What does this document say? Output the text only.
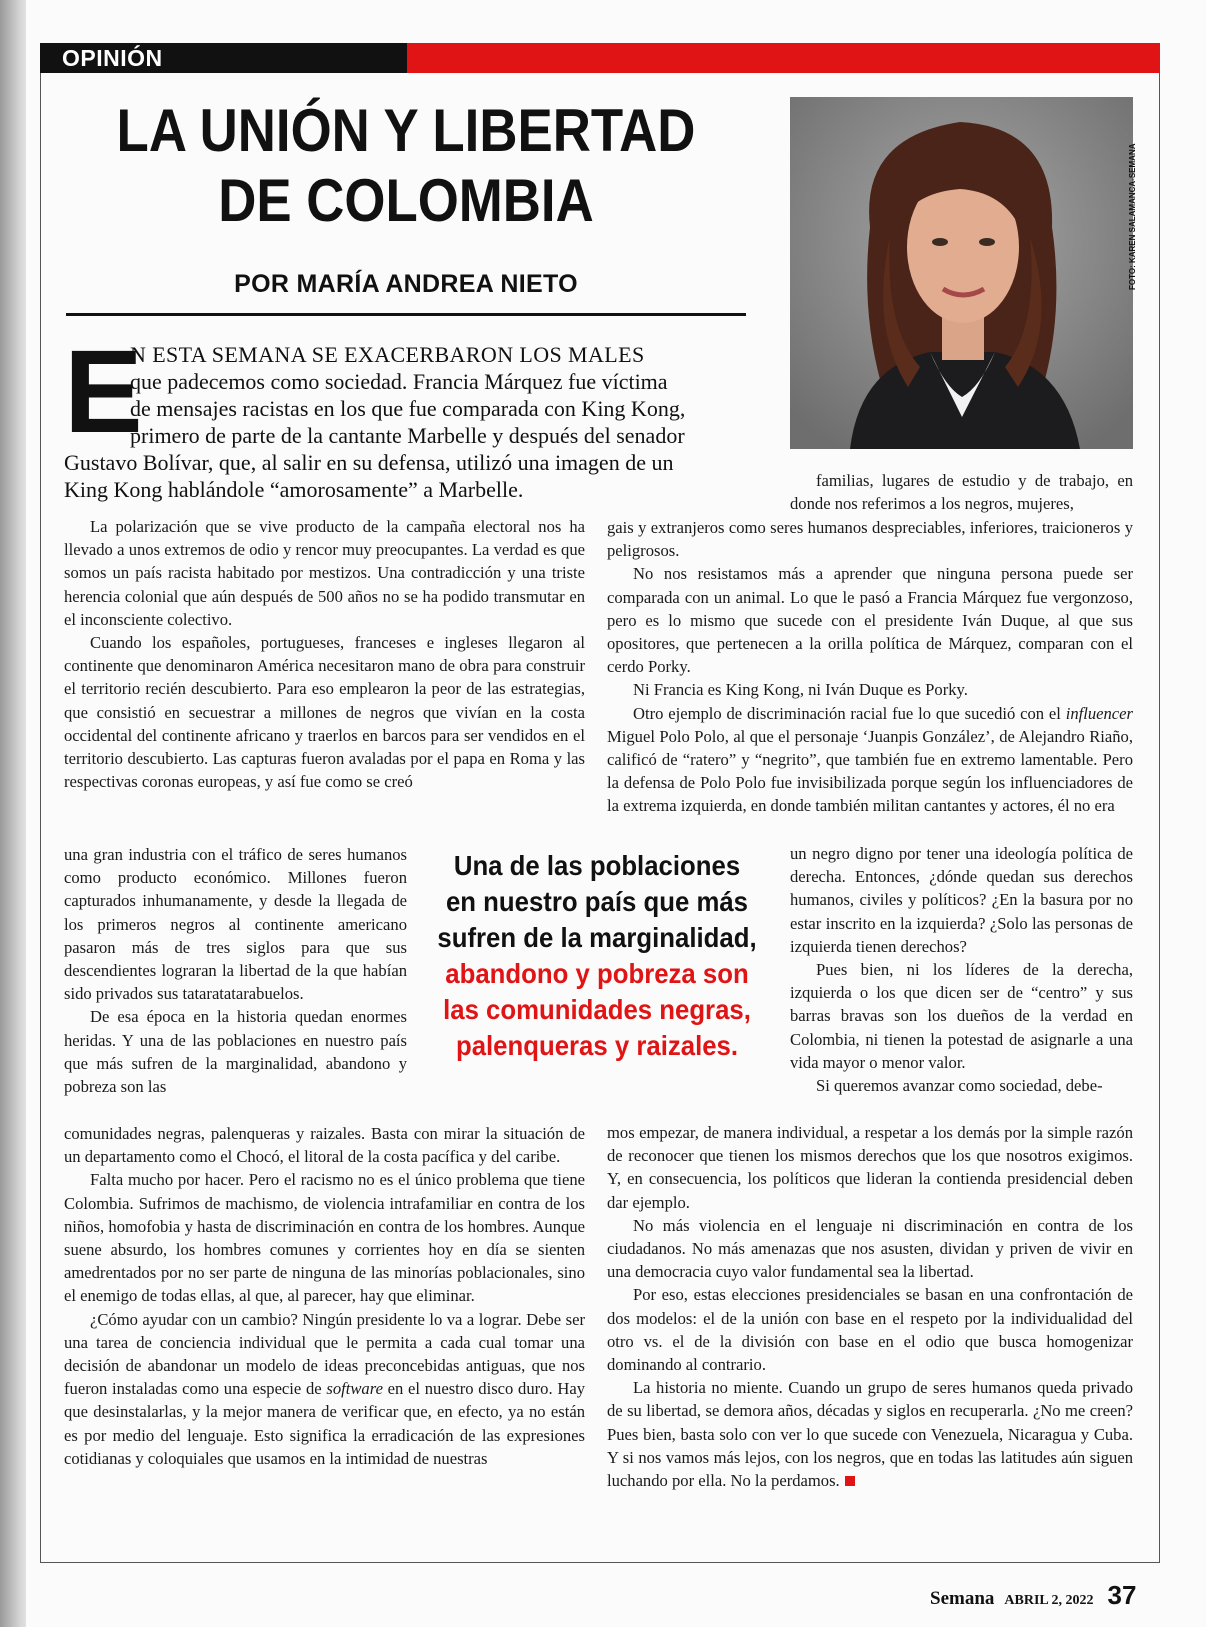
OPINIÓN
LA UNIÓN Y LIBERTAD
DE COLOMBIA
POR MARÍA ANDREA NIETO
E
N ESTA SEMANA SE EXACERBARON LOS MALES
que padecemos como sociedad. Francia Márquez fue víctima
de mensajes racistas en los que fue comparada con King Kong,
primero de parte de la cantante Marbelle y después del senador
Gustavo Bolívar, que, al salir en su defensa, utilizó una imagen de un
King Kong hablándole “amorosamente” a Marbelle.

La polarización que se vive producto de la campaña electoral nos ha llevado a unos extremos de odio y rencor muy preocupantes. La verdad es que somos un país racista habitado por mestizos. Una contradicción y una triste herencia colonial que aún después de 500 años no se ha podido transmutar en el inconsciente colectivo.

Cuando los españoles, portugueses, franceses e ingleses llegaron al continente que denominaron América necesitaron mano de obra para construir el territorio recién descubierto. Para eso emplearon la peor de las estrategias, que consistió en secuestrar a millones de negros que vivían en la costa occidental del continente africano y traerlos en barcos para ser vendidos en el territorio descubierto. Las capturas fueron avaladas por el papa en Roma y las respectivas coronas europeas, y así fue como se creó

una gran industria con el tráfico de seres humanos como producto económico. Millones fueron capturados inhumanamente, y desde la llegada de los primeros negros al continente americano pasaron más de tres siglos para que sus descendientes lograran la libertad de la que habían sido privados sus tataratatarabuelos.

De esa época en la historia quedan enormes heridas. Y una de las poblaciones en nuestro país que más sufren de la marginalidad, abandono y pobreza son las

comunidades negras, palenqueras y raizales. Basta con mirar la situación de un departamento como el Chocó, el litoral de la costa pacífica y del caribe.

Falta mucho por hacer. Pero el racismo no es el único problema que tiene Colombia. Sufrimos de machismo, de violencia intrafamiliar en contra de los niños, homofobia y hasta de discriminación en contra de los hombres. Aunque suene absurdo, los hombres comunes y corrientes hoy en día se sienten amedrentados por no ser parte de ninguna de las minorías poblacionales, sino el enemigo de todas ellas, al que, al parecer, hay que eliminar.

¿Cómo ayudar con un cambio? Ningún presidente lo va a lograr. Debe ser una tarea de conciencia individual que le permita a cada cual tomar una decisión de abandonar un modelo de ideas preconcebidas antiguas, que nos fueron instaladas como una especie de software en el nuestro disco duro. Hay que desinstalarlas, y la mejor manera de verificar que, en efecto, ya no están es por medio del lenguaje. Esto significa la erradicación de las expresiones cotidianas y coloquiales que usamos en la intimidad de nuestras

familias, lugares de estudio y de trabajo, en donde nos referimos a los negros, mujeres,

gais y extranjeros como seres humanos despreciables, inferiores, traicioneros y peligrosos.

No nos resistamos más a aprender que ninguna persona puede ser comparada con un animal. Lo que le pasó a Francia Márquez fue vergonzoso, pero es lo mismo que sucede con el presidente Iván Duque, al que sus opositores, que pertenecen a la orilla política de Márquez, comparan con el cerdo Porky.

Ni Francia es King Kong, ni Iván Duque es Porky.

Otro ejemplo de discriminación racial fue lo que sucedió con el influencer Miguel Polo Polo, al que el personaje ‘Juanpis González’, de Alejandro Riaño, calificó de “ratero” y “negrito”, que también fue en extremo lamentable. Pero la defensa de Polo Polo fue invisibilizada porque según los influenciadores de la extrema izquierda, en donde también militan cantantes y actores, él no era

un negro digno por tener una ideología política de derecha. Entonces, ¿dónde quedan sus derechos humanos, civiles y políticos? ¿En la basura por no estar inscrito en la izquierda? ¿Solo las personas de izquierda tienen derechos?

Pues bien, ni los líderes de la derecha, izquierda o los que dicen ser de “centro” y sus barras bravas son los dueños de la verdad en Colombia, ni tienen la potestad de asignarle a una vida mayor o menor valor.

Si queremos avanzar como sociedad, debe-

mos empezar, de manera individual, a respetar a los demás por la simple razón de reconocer que tienen los mismos derechos que los que nosotros exigimos. Y, en consecuencia, los políticos que lideran la contienda presidencial deben dar ejemplo.

No más violencia en el lenguaje ni discriminación en contra de los ciudadanos. No más amenazas que nos asusten, dividan y priven de vivir en una democracia cuyo valor fundamental sea la libertad.

Por eso, estas elecciones presidenciales se basan en una confrontación de dos modelos: el de la unión con base en el respeto por la individualidad del otro vs. el de la división con base en el odio que busca homogenizar dominando al contrario.

La historia no miente. Cuando un grupo de seres humanos queda privado de su libertad, se demora años, décadas y siglos en recuperarla. ¿No me creen? Pues bien, basta solo con ver lo que sucede con Venezuela, Nicaragua y Cuba. Y si nos vamos más lejos, con los negros, que en todas las latitudes aún siguen luchando por ella. No la perdamos.

Una de las poblaciones en nuestro país que más sufren de la marginalidad, abandono y pobreza son las comunidades negras, palenqueras y raizales.
Semana ABRIL 2, 2022 37
